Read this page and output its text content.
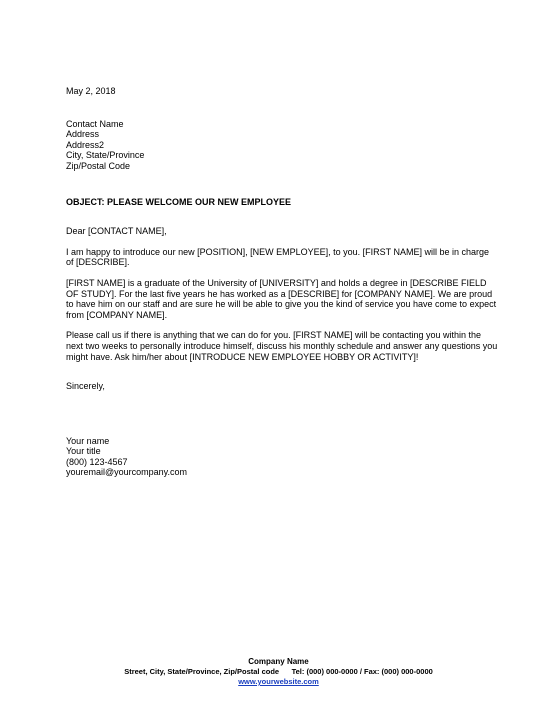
May 2, 2018
Contact Name
Address
Address2
City, State/Province
Zip/Postal Code
OBJECT: PLEASE WELCOME OUR NEW EMPLOYEE
Dear [CONTACT NAME],
I am happy to introduce our new [POSITION], [NEW EMPLOYEE], to you. [FIRST NAME] will be in charge of [DESCRIBE].
[FIRST NAME] is a graduate of the University of [UNIVERSITY] and holds a degree in [DESCRIBE FIELD OF STUDY]. For the last five years he has worked as a [DESCRIBE] for [COMPANY NAME]. We are proud to have him on our staff and are sure he will be able to give you the kind of service you have come to expect from [COMPANY NAME].
Please call us if there is anything that we can do for you. [FIRST NAME] will be contacting you within the next two weeks to personally introduce himself, discuss his monthly schedule and answer any questions you might have. Ask him/her about [INTRODUCE NEW EMPLOYEE HOBBY OR ACTIVITY]!
Sincerely,
Your name
Your title
(800) 123-4567
youremail@yourcompany.com
Company Name
Street, City, State/Province, Zip/Postal code      Tel: (000) 000-0000 / Fax: (000) 000-0000
www.yourwebsite.com
